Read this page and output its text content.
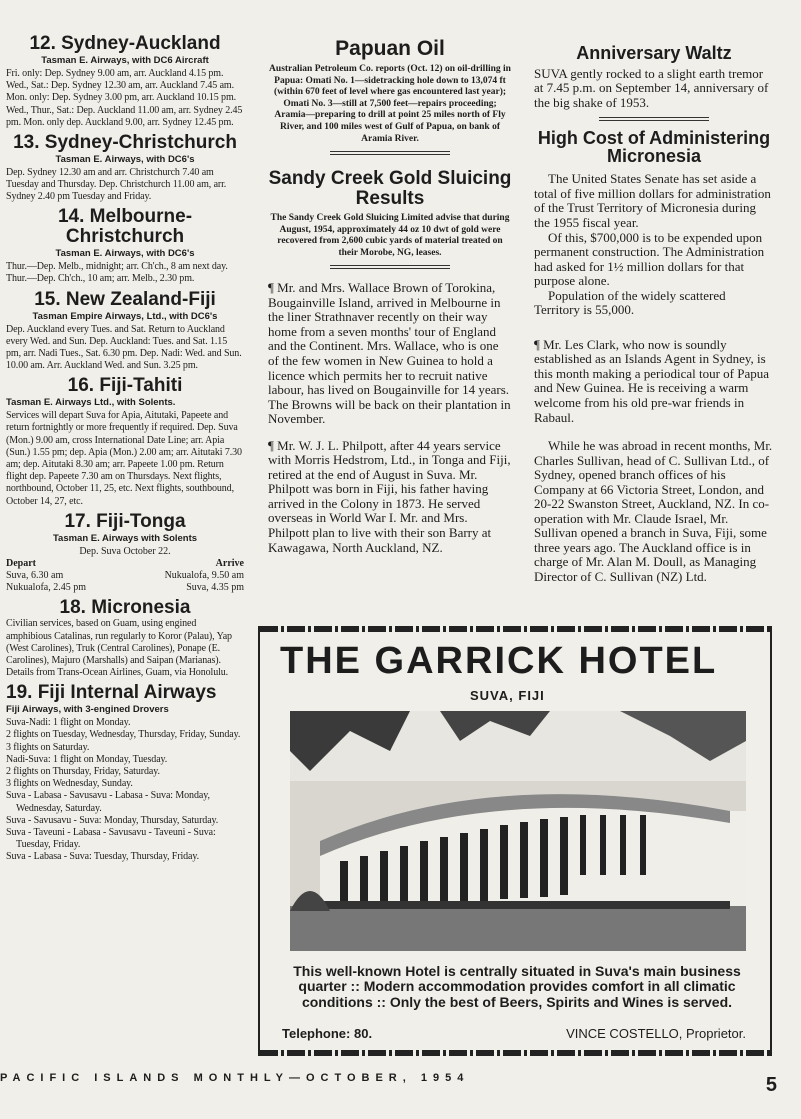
12. Sydney-Auckland
Tasman E. Airways, with DC6 Aircraft

Fri. only: Dep. Sydney 9.00 am, arr. Auckland 4.15 pm. Wed., Sat.: Dep. Sydney 12.30 am, arr. Auckland 7.45 am. Mon. only: Dep. Sydney 3.00 pm, arr. Auckland 10.15 pm. Wed., Thur., Sat.: Dep. Auckland 11.00 am, arr. Sydney 2.45 pm. Mon. only dep. Auckland 9.00, arr. Sydney 12.45 pm.

13. Sydney-Christchurch
Tasman E. Airways, with DC6's

Dep. Sydney 12.30 am and arr. Christchurch 7.40 am Tuesday and Thursday. Dep. Christchurch 11.00 am, arr. Sydney 2.40 pm Tuesday and Friday.

14. Melbourne-Christchurch
Tasman E. Airways, with DC6's

Thur.—Dep. Melb., midnight; arr. Ch'ch., 8 am next day. Thur.—Dep. Ch'ch., 10 am; arr. Melb., 2.30 pm.

15. New Zealand-Fiji
Tasman Empire Airways, Ltd., with DC6's

Dep. Auckland every Tues. and Sat. Return to Auckland every Wed. and Sun. Dep. Auckland: Tues. and Sat. 1.15 pm, arr. Nadi Tues., Sat. 6.30 pm. Dep. Nadi: Wed. and Sun. 10.00 am. Arr. Auckland Wed. and Sun. 3.25 pm.

16. Fiji-Tahiti
Tasman E. Airways Ltd., with Solents.

Services will depart Suva for Apia, Aitutaki, Papeete and return fortnightly or more frequently if required. Dep. Suva (Mon.) 9.00 am, cross International Date Line; arr. Apia (Sun.) 1.55 pm; dep. Apia (Mon.) 2.00 am; arr. Aitutaki 7.30 am; dep. Aitutaki 8.30 am; arr. Papeete 1.00 pm. Return flight dep. Papeete 7.30 am on Thursdays. Next flights, northbound, October 11, 25, etc. Next flights, southbound, October 14, 27, etc.

17. Fiji-Tonga
Tasman E. Airways with Solents
Dep. Suva October 22.
Depart	Arrive
Suva, 6.30 am	Nukualofa, 9.50 am
Nukualofa, 2.45 pm	Suva, 4.35 pm
18. Micronesia

Civilian services, based on Guam, using engined amphibious Catalinas, run regularly to Koror (Palau), Yap (West Carolines), Truk (Central Carolines), Ponape (E. Carolines), Majuro (Marshalls) and Saipan (Marianas). Details from Trans-Ocean Airlines, Guam, via Honolulu.

19. Fiji Internal Airways
Fiji Airways, with 3-engined Drovers

Suva-Nadi: 1 flight on Monday.

2 flights on Tuesday, Wednesday, Thursday, Friday, Sunday.

3 flights on Saturday.

Nadi-Suva: 1 flight on Monday, Tuesday.

2 flights on Thursday, Friday, Saturday.

3 flights on Wednesday, Sunday.

Suva - Labasa - Savusavu - Labasa - Suva: Monday, Wednesday, Saturday.

Suva - Savusavu - Suva: Monday, Thursday, Saturday.

Suva - Taveuni - Labasa - Savusavu - Taveuni - Suva: Tuesday, Friday.

Suva - Labasa - Suva: Tuesday, Thursday, Friday.

Papuan Oil

Australian Petroleum Co. reports (Oct. 12) on oil-drilling in Papua: Omati No. 1—sidetracking hole down to 13,074 ft (within 670 feet of level where gas encountered last year); Omati No. 3—still at 7,500 feet—repairs proceeding; Aramia—preparing to drill at point 25 miles north of Fly River, and 100 miles west of Gulf of Papua, on bank of Aramia River.

Sandy Creek Gold Sluicing Results

The Sandy Creek Gold Sluicing Limited advise that during August, 1954, approximately 44 oz 10 dwt of gold were recovered from 2,600 cubic yards of material treated on their Morobe, NG, leases.

¶ Mr. and Mrs. Wallace Brown of Torokina, Bougainville Island, arrived in Melbourne in the liner Strathnaver recently on their way home from a seven months' tour of England and the Continent. Mrs. Wallace, who is one of the few women in New Guinea to hold a licence which permits her to recruit native labour, has lived on Bougainville for 14 years. The Browns will be back on their plantation in November.

¶ Mr. W. J. L. Philpott, after 44 years service with Morris Hedstrom, Ltd., in Tonga and Fiji, retired at the end of August in Suva. Mr. Philpott was born in Fiji, his father having arrived in the Colony in 1873. He served overseas in World War I. Mr. and Mrs. Philpott plan to live with their son Barry at Kawagawa, North Auckland, NZ.

Anniversary Waltz

SUVA gently rocked to a slight earth tremor at 7.45 p.m. on September 14, anniversary of the big shake of 1953.

High Cost of Administering Micronesia

The United States Senate has set aside a total of five million dollars for administration of the Trust Territory of Micronesia during the 1955 fiscal year.

Of this, $700,000 is to be expended upon permanent construction. The Administration had asked for 1½ million dollars for that purpose alone.

Population of the widely scattered Territory is 55,000.

¶ Mr. Les Clark, who now is soundly established as an Islands Agent in Sydney, is this month making a periodical tour of Papua and New Guinea. He is receiving a warm welcome from his old pre-war friends in Rabaul.

While he was abroad in recent months, Mr. Charles Sullivan, head of C. Sullivan Ltd., of Sydney, opened branch offices of his Company at 66 Victoria Street, London, and 20-22 Swanston Street, Auckland, NZ. In co-operation with Mr. Claude Israel, Mr. Sullivan opened a branch in Suva, Fiji, some three years ago. The Auckland office is in charge of Mr. Alan M. Doull, as Managing Director of C. Sullivan (NZ) Ltd.

THE GARRICK HOTEL
SUVA, FIJI
This well-known Hotel is centrally situated in Suva's main business quarter :: Modern accommodation provides comfort in all climatic conditions :: Only the best of Beers, Spirits and Wines is served.
Telephone: 80.	VINCE COSTELLO, Proprietor.
PACIFIC ISLANDS MONTHLY—OCTOBER, 1954	5
